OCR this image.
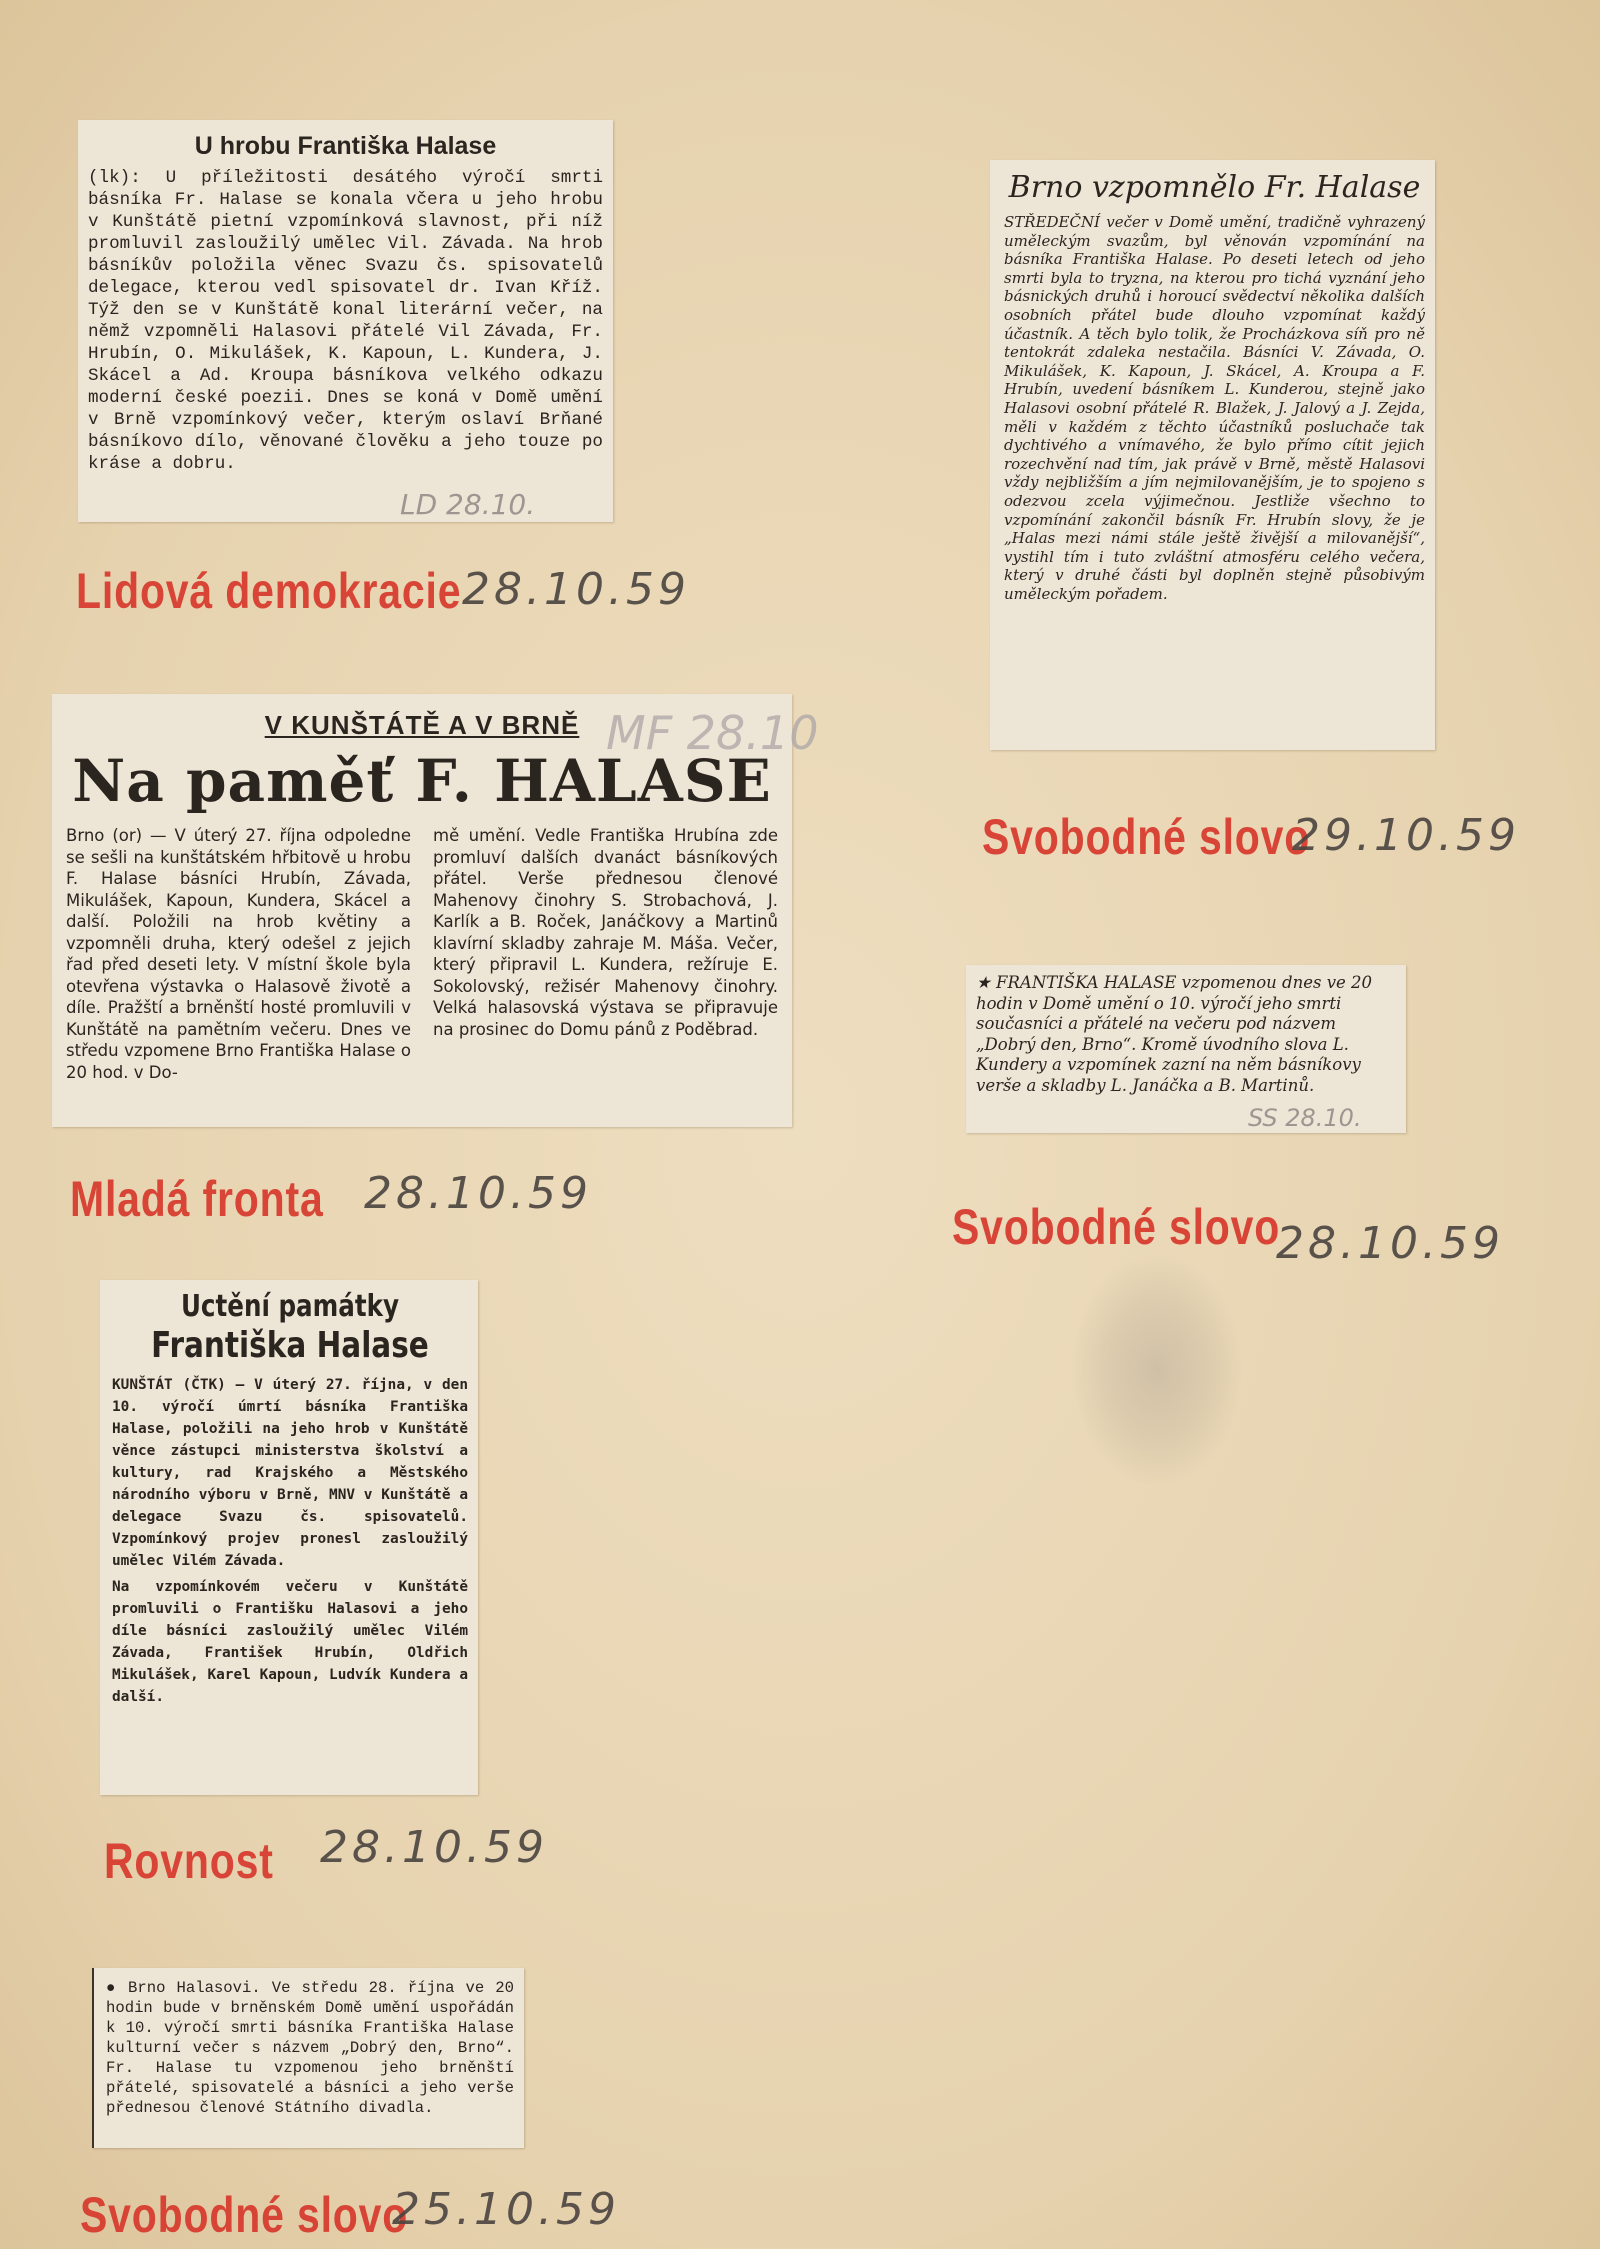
U hrobu Františka Halase

(lk): U příležitosti desátého výročí smrti básníka Fr. Halase se konala včera u jeho hrobu v Kunštátě pietní vzpomínková slavnost, při níž promluvil zasloužilý umělec Vil. Závada. Na hrob básníkův položila věnec Svazu čs. spisovatelů delegace, kterou vedl spisovatel dr. Ivan Kříž. Týž den se v Kunštátě konal literární večer, na němž vzpomněli Halasovi přátelé Vil Závada, Fr. Hrubín, O. Mikulášek, K. Kapoun, L. Kundera, J. Skácel a Ad. Kroupa básníkova velkého odkazu moderní české poezii. Dnes se koná v Domě umění v Brně vzpomínkový večer, kterým oslaví Brňané básníkovo dílo, věnované člověku a jeho touze po kráse a dobru.

LD 28.10.
Lidová demokracie 28.10.59
Brno vzpomnělo Fr. Halase

STŘEDEČNÍ večer v Domě umění, tradičně vyhrazený uměleckým svazům, byl věnován vzpomínání na básníka Františka Halase. Po deseti letech od jeho smrti byla to tryzna, na kterou pro tichá vyznání jeho básnických druhů i horoucí svědectví několika dalších osobních přátel bude dlouho vzpomínat každý účastník. A těch bylo tolik, že Procházkova síň pro ně tentokrát zdaleka nestačila. Básníci V. Závada, O. Mikulášek, K. Kapoun, J. Skácel, A. Kroupa a F. Hrubín, uvedení básníkem L. Kunderou, stejně jako Halasovi osobní přátelé R. Blažek, J. Jalový a J. Zejda, měli v každém z těchto účastníků posluchače tak dychtivého a vnímavého, že bylo přímo cítit jejich rozechvění nad tím, jak právě v Brně, městě Halasovi vždy nejbližším a jím nejmilovanějším, je to spojeno s odezvou zcela výjimečnou. Jestliže všechno to vzpomínání zakončil básník Fr. Hrubín slovy, že je „Halas mezi námi stále ještě živější a milovanější“, vystihl tím i tuto zvláštní atmosféru celého večera, který v druhé části byl doplněn stejně působivým uměleckým pořadem.

Svobodné slovo
29.10.59
V KUNŠTÁTĚ A V BRNĚ
Na paměť F. HALASE

Brno (or) — V úterý 27. října odpoledne se sešli na kunštátském hřbitově u hrobu F. Halase básníci Hrubín, Závada, Mikulášek, Kapoun, Kundera, Skácel a další. Položili na hrob květiny a vzpomněli druha, který odešel z jejich řad před deseti lety. V místní škole byla otevřena výstavka o Halasově životě a díle. Pražští a brněnští hosté promluvili v Kunštátě na pamětním večeru. Dnes ve středu vzpomene Brno Františka Halase o 20 hod. v Do-

mě umění. Vedle Františka Hrubína zde promluví dalších dvanáct básníkových přátel. Verše přednesou členové Mahenovy činohry S. Strobachová, J. Karlík a B. Roček, Janáčkovy a Martinů klavírní skladby zahraje M. Máša. Večer, který připravil L. Kundera, režíruje E. Sokolovský, režisér Mahenovy činohry. Velká halasovská výstava se připravuje na prosinec do Domu pánů z Poděbrad.

MF 28.10
Mladá fronta 28.10.59

★ FRANTIŠKA HALASE vzpomenou dnes ve 20 hodin v Domě umění o 10. výročí jeho smrti současníci a přátelé na večeru pod názvem „Dobrý den, Brno“. Kromě úvodního slova L. Kundery a vzpomínek zazní na něm básníkovy verše a skladby L. Janáčka a B. Martinů.

SS 28.10.
Svobodné slovo
28.10.59
Uctění památky
Františka Halase

KUNŠTÁT (ČTK) — V úterý 27. října, v den 10. výročí úmrtí básníka Františka Halase, položili na jeho hrob v Kunštátě věnce zástupci ministerstva školství a kultury, rad Krajského a Městského národního výboru v Brně, MNV v Kunštátě a delegace Svazu čs. spisovatelů. Vzpomínkový projev pronesl zasloužilý umělec Vilém Závada.

Na vzpomínkovém večeru v Kunštátě promluvili o Františku Halasovi a jeho díle básníci zasloužilý umělec Vilém Závada, František Hrubín, Oldřich Mikulášek, Karel Kapoun, Ludvík Kundera a další.

Rovnost 28.10.59

● Brno Halasovi. Ve středu 28. října ve 20 hodin bude v brněnském Domě umění uspořádán k 10. výročí smrti básníka Františka Halase kulturní večer s názvem „Dobrý den, Brno“. Fr. Halase tu vzpomenou jeho brněnští přátelé, spisovatelé a básníci a jeho verše přednesou členové Státního divadla.

Svobodné slovo
25.10.59
